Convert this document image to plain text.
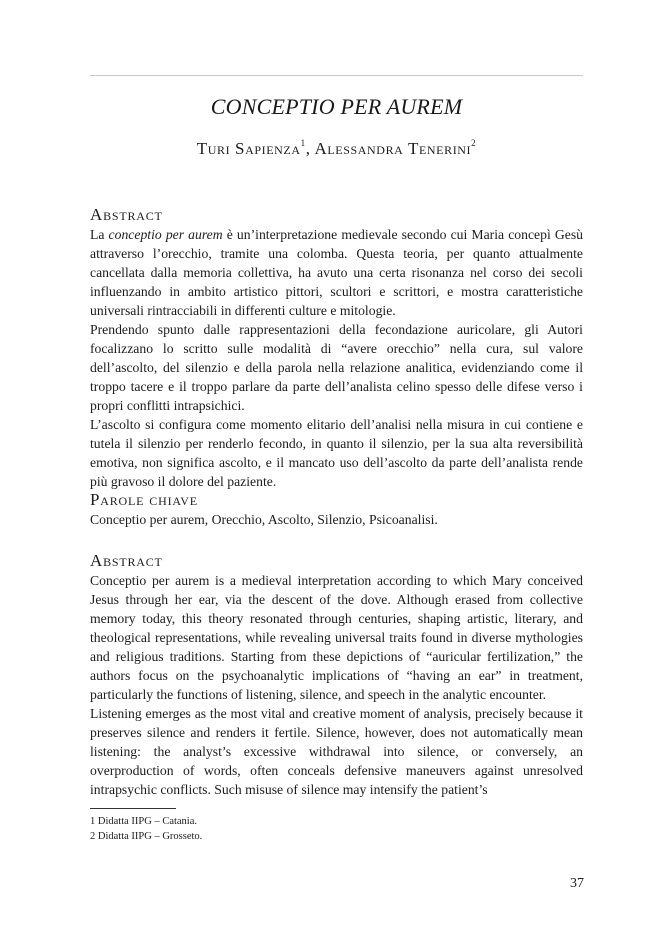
CONCEPTIO PER AUREM
Turi Sapienza$^1$, Alessandra Tenerini$^2$
Abstract

La conceptio per aurem è un’interpretazione medievale secondo cui Maria concepì Gesù attraverso l’orecchio, tramite una colomba. Questa teoria, per quanto attualmente cancellata dalla memoria collettiva, ha avuto una certa risonanza nel corso dei secoli influenzando in ambito artistico pittori, scultori e scrittori, e mostra caratteristiche universali rintracciabili in differenti culture e mitologie.

Prendendo spunto dalle rappresentazioni della fecondazione auricolare, gli Autori focalizzano lo scritto sulle modalità di “avere orecchio” nella cura, sul valore dell’ascolto, del silenzio e della parola nella relazione analitica, evidenziando come il troppo tacere e il troppo parlare da parte dell’analista celino spesso delle difese verso i propri conflitti intrapsichici.

L’ascolto si configura come momento elitario dell’analisi nella misura in cui contiene e tutela il silenzio per renderlo fecondo, in quanto il silenzio, per la sua alta reversibilità emotiva, non significa ascolto, e il mancato uso dell’ascolto da parte dell’analista rende più gravoso il dolore del paziente.

Parole chiave

Conceptio per aurem, Orecchio, Ascolto, Silenzio, Psicoanalisi.

Abstract

Conceptio per aurem is a medieval interpretation according to which Mary conceived Jesus through her ear, via the descent of the dove. Although erased from collective memory today, this theory resonated through centuries, shaping artistic, literary, and theological representations, while revealing universal traits found in diverse mythologies and religious traditions. Starting from these depictions of “auricular fertilization,” the authors focus on the psychoanalytic implications of “having an ear” in treatment, particularly the functions of listening, silence, and speech in the analytic encounter.

Listening emerges as the most vital and creative moment of analysis, precisely because it preserves silence and renders it fertile. Silence, however, does not automatically mean listening: the analyst’s excessive withdrawal into silence, or conversely, an overproduction of words, often conceals defensive maneuvers against unresolved intrapsychic conflicts. Such misuse of silence may intensify the patient’s

1 Didatta IIPG – Catania.
2 Didatta IIPG – Grosseto.
37
